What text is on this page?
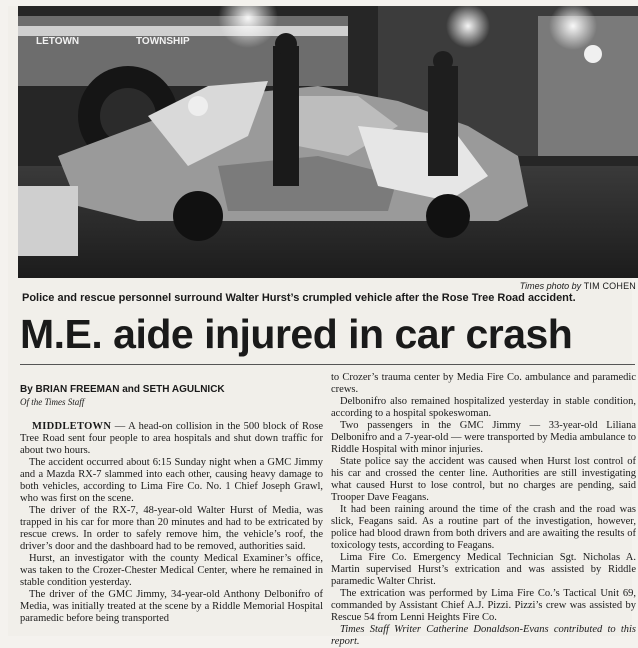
LETOWN	TOWNSHIP
Times photo by TIM COHEN
Police and rescue personnel surround Walter Hurst’s crumpled vehicle after the Rose Tree Road accident.
M.E. aide injured in car crash
By BRIAN FREEMAN and SETH AGULNICK
Of the Times Staff

MIDDLETOWN — A head-on collision in the 500 block of Rose Tree Road sent four people to area hospitals and shut down traffic for about two hours.

The accident occurred about 6:15 Sunday night when a GMC Jimmy and a Mazda RX-7 slammed into each other, causing heavy damage to both vehicles, according to Lima Fire Co. No. 1 Chief Joseph Grawl, who was first on the scene.

The driver of the RX-7, 48-year-old Walter Hurst of Media, was trapped in his car for more than 20 minutes and had to be extricated by rescue crews. In order to safely remove him, the vehicle’s roof, the driver’s door and the dashboard had to be removed, authorities said.

Hurst, an investigator with the county Medical Examiner’s office, was taken to the Crozer-Chester Medical Center, where he remained in stable condition yesterday.

The driver of the GMC Jimmy, 34-year-old Anthony Delbonifro of Media, was initially treated at the scene by a Riddle Memorial Hospital paramedic before being transported

to Crozer’s trauma center by Media Fire Co. ambulance and paramedic crews.

Delbonifro also remained hospitalized yesterday in stable condition, according to a hospital spokeswoman.

Two passengers in the GMC Jimmy — 33-year-old Liliana Delbonifro and a 7-year-old — were transported by Media ambulance to Riddle Hospital with minor injuries.

State police say the accident was caused when Hurst lost control of his car and crossed the center line. Authorities are still investigating what caused Hurst to lose control, but no charges are pending, said Trooper Dave Feagans.

It had been raining around the time of the crash and the road was slick, Feagans said. As a routine part of the investigation, however, police had blood drawn from both drivers and are awaiting the results of toxicology tests, according to Feagans.

Lima Fire Co. Emergency Medical Technician Sgt. Nicholas A. Martin supervised Hurst’s extrication and was assisted by Riddle paramedic Walter Christ.

The extrication was performed by Lima Fire Co.’s Tactical Unit 69, commanded by Assistant Chief A.J. Pizzi. Pizzi’s crew was assisted by Rescue 54 from Lenni Heights Fire Co.

Times Staff Writer Catherine Donaldson-Evans contributed to this report.
